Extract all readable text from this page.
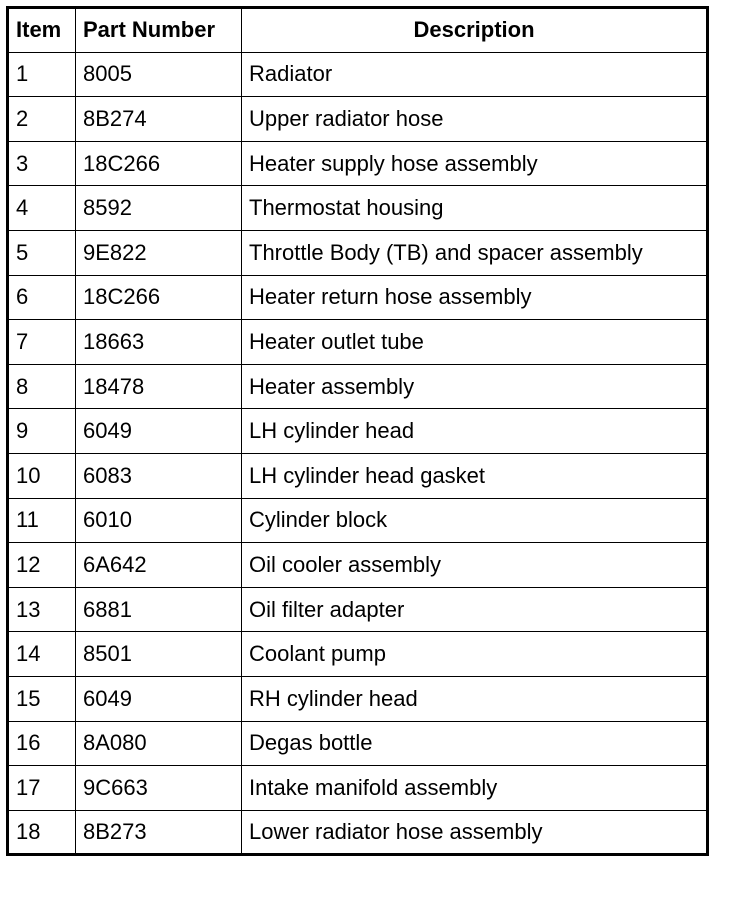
Item	Part Number	Description
1	8005	Radiator
2	8B274	Upper radiator hose
3	18C266	Heater supply hose assembly
4	8592	Thermostat housing
5	9E822	Throttle Body (TB) and spacer assembly
6	18C266	Heater return hose assembly
7	18663	Heater outlet tube
8	18478	Heater assembly
9	6049	LH cylinder head
10	6083	LH cylinder head gasket
11	6010	Cylinder block
12	6A642	Oil cooler assembly
13	6881	Oil filter adapter
14	8501	Coolant pump
15	6049	RH cylinder head
16	8A080	Degas bottle
17	9C663	Intake manifold assembly
18	8B273	Lower radiator hose assembly
